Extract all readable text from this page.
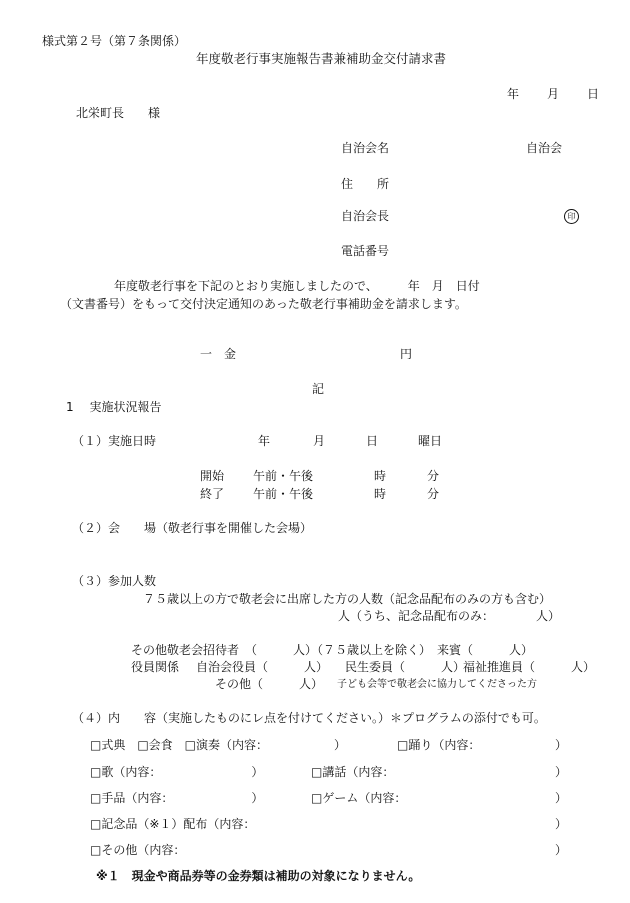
様式第２号（第７条関係）
年度敬老行事実施報告書兼補助金交付請求書
年 月 日
北栄町長　　様
自治会名	自治会
住　　所
自治会長	印
電話番号
年度敬老行事を下記のとおり実施しましたので、　　　年　月　日付
（文書番号）をもって交付決定通知のあった敬老行事補助金を請求します。
一　金	円
記
1　 実施状況報告
（１）実施日時	年	月	日	曜日
開始 午前・午後	時	分
終了 午前・午後	時	分
（２）会　　場（敬老行事を開催した会場）
（３）参加人数
７５歳以上の方で敬老会に出席した方の人数（記念品配布のみの方も含む）
人（うち、記念品配布のみ：　　　　人）
その他敬老会招待者　（　　　人）（７５歳以上を除く）　来賓（　　　人）
役員関係 自治会役員（　　　人） 民生委員（　　　人）
福祉推進員（　　　人）
その他（　　　人） 子ども会等で敬老会に協力してくださった方
（４）内　　容（実施したものにレ点を付けてください。）＊プログラムの添付でも可。
□式典　□会食　□演奏（内容：　　　　　　）	□踊り（内容：	）
□歌（内容：　　　　　　　　）	□講話（内容：	）
□手品（内容：　　　　　　　）	□ゲーム（内容：	）
□記念品（※１）配布（内容：	）
□その他（内容：	）
※１　現金や商品券等の金券類は補助の対象になりません。
